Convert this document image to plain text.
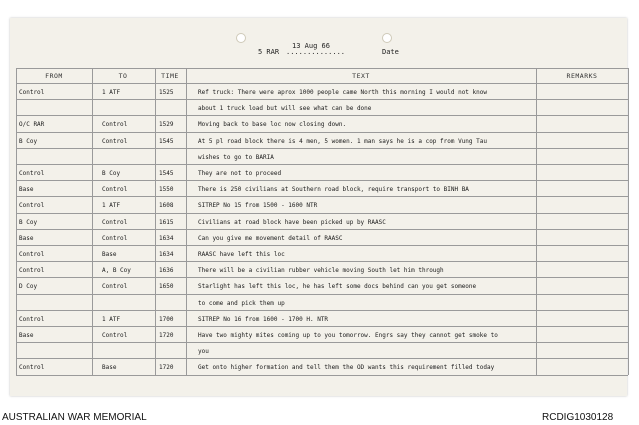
5 RAR
13 Aug 66
..............	Date
FROM	TO	TIME	TEXT	REMARKS
Control	1 ATF	1525	Ref truck: There were aprox 1000 people came North this morning I would not know
about 1 truck load but will see what can be done
O/C RAR	Control	1529	Moving back to base loc now closing down.
B Coy	Control	1545	At 5 pl road block there is 4 men, 5 women. 1 man says he is a cop from Vung Tau
wishes to go to BARIA
Control	B Coy	1545	They are not to proceed
Base	Control	1550	There is 250 civilians at Southern road block, require transport to BINH BA
Control	1 ATF	1608	SITREP No 15 from 1500 - 1600 NTR
B Coy	Control	1615	Civilians at road block have been picked up by RAASC
Base	Control	1634	Can you give me movement detail of RAASC
Control	Base	1634	RAASC have left this loc
Control	A, B Coy	1636	There will be a civilian rubber vehicle moving South let him through
D Coy	Control	1650	Starlight has left this loc, he has left some docs behind can you get someone
to come and pick them up
Control	1 ATF	1700	SITREP No 16 from 1600 - 1700 H. NTR
Base	Control	1720	Have two mighty mites coming up to you tomorrow. Engrs say they cannot get smoke to
you
Control	Base	1720	Get onto higher formation and tell them the OD wants this requirement filled today
AUSTRALIAN WAR MEMORIAL	RCDIG1030128
